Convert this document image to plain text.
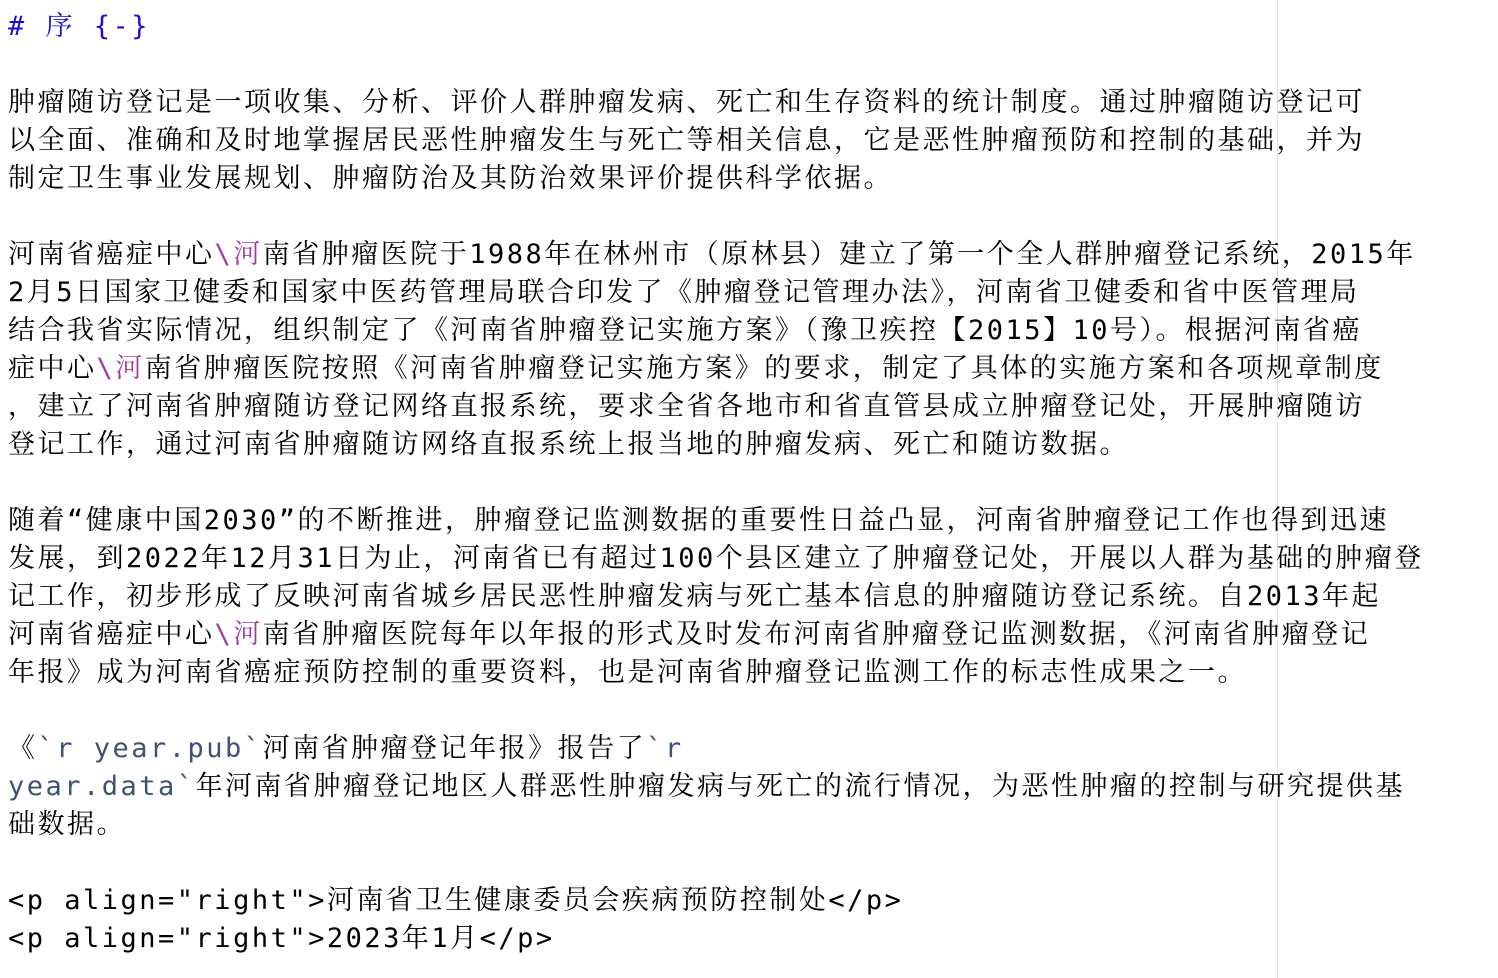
# 序 {-}
肿瘤随访登记是一项收集、分析、评价人群肿瘤发病、死亡和生存资料的统计制度。通过肿瘤随访登记可
以全面、准确和及时地掌握居民恶性肿瘤发生与死亡等相关信息，它是恶性肿瘤预防和控制的基础，并为
制定卫生事业发展规划、肿瘤防治及其防治效果评价提供科学依据。
河南省癌症中心\河南省肿瘤医院于1988年在林州市（原林县）建立了第一个全人群肿瘤登记系统，2015年
2月5日国家卫健委和国家中医药管理局联合印发了《肿瘤登记管理办法》，河南省卫健委和省中医管理局
结合我省实际情况，组织制定了《河南省肿瘤登记实施方案》（豫卫疾控【2015】10号）。根据河南省癌
症中心\河南省肿瘤医院按照《河南省肿瘤登记实施方案》的要求，制定了具体的实施方案和各项规章制度
，建立了河南省肿瘤随访登记网络直报系统，要求全省各地市和省直管县成立肿瘤登记处，开展肿瘤随访
登记工作，通过河南省肿瘤随访网络直报系统上报当地的肿瘤发病、死亡和随访数据。
随着“健康中国2030”的不断推进，肿瘤登记监测数据的重要性日益凸显，河南省肿瘤登记工作也得到迅速
发展，到2022年12月31日为止，河南省已有超过100个县区建立了肿瘤登记处，开展以人群为基础的肿瘤登
记工作，初步形成了反映河南省城乡居民恶性肿瘤发病与死亡基本信息的肿瘤随访登记系统。自2013年起
河南省癌症中心\河南省肿瘤医院每年以年报的形式及时发布河南省肿瘤登记监测数据，《河南省肿瘤登记
年报》成为河南省癌症预防控制的重要资料，也是河南省肿瘤登记监测工作的标志性成果之一。
《`r year.pub`河南省肿瘤登记年报》报告了`r
year.data`年河南省肿瘤登记地区人群恶性肿瘤发病与死亡的流行情况，为恶性肿瘤的控制与研究提供基
础数据。
<p align="right">河南省卫生健康委员会疾病预防控制处</p>
<p align="right">2023年1月</p>
